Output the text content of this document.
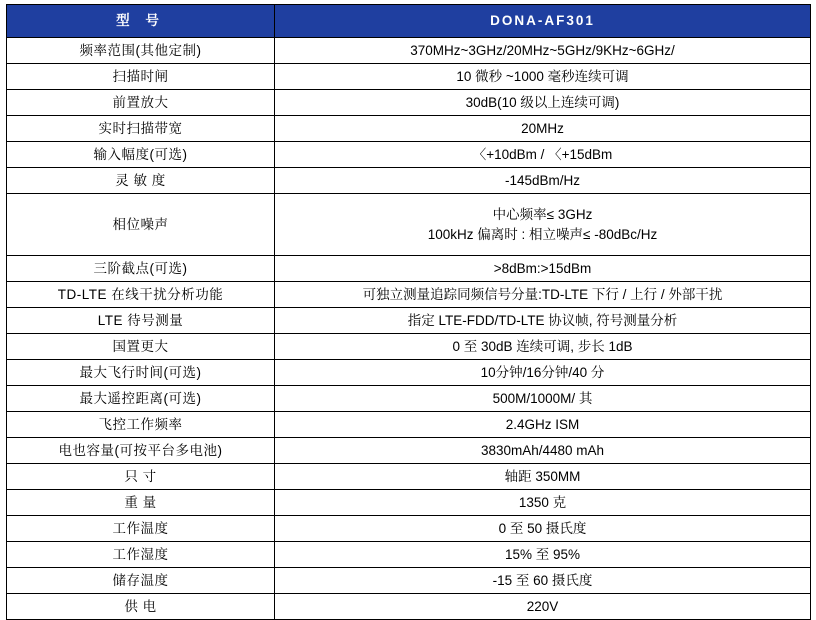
型 号	DONA-AF301
频率范围(其他定制)	370MHz~3GHz/20MHz~5GHz/9KHz~6GHz/
扫描时闸	10 微秒 ~1000 毫秒连续可调
前置放大	30dB(10 级以上连续可调)
实时扫描带宽	20MHz
输入幅度(可选)	〈+10dBm / 〈+15dBm
灵 敏 度	-145dBm/Hz
相位噪声	中心频率≤ 3GHz
100kHz 偏离时 : 相立噪声≤ -80dBc/Hz

三阶截点(可选)	>8dBm:>15dBm
TD-LTE 在线干扰分析功能	可独立测量追踪同频信号分量:TD-LTE 下行 / 上行 / 外部干扰
LTE 待号测量	指定 LTE-FDD/TD-LTE 协议帧, 符号测量分析
国置更大	0 至 30dB 连续可调, 步长 1dB
最大飞行时间(可选)	10分钟/16分钟/40 分
最大遥控距离(可选)	500M/1000M/ 其
飞控工作频率	2.4GHz ISM
电也容量(可按平台多电池)	3830mAh/4480 mAh
只 寸	轴距 350MM
重 量	1350 克
工作温度	0 至 50 摄氏度
工作湿度	15% 至 95%
储存温度	-15 至 60 摄氏度
供 电	220V
